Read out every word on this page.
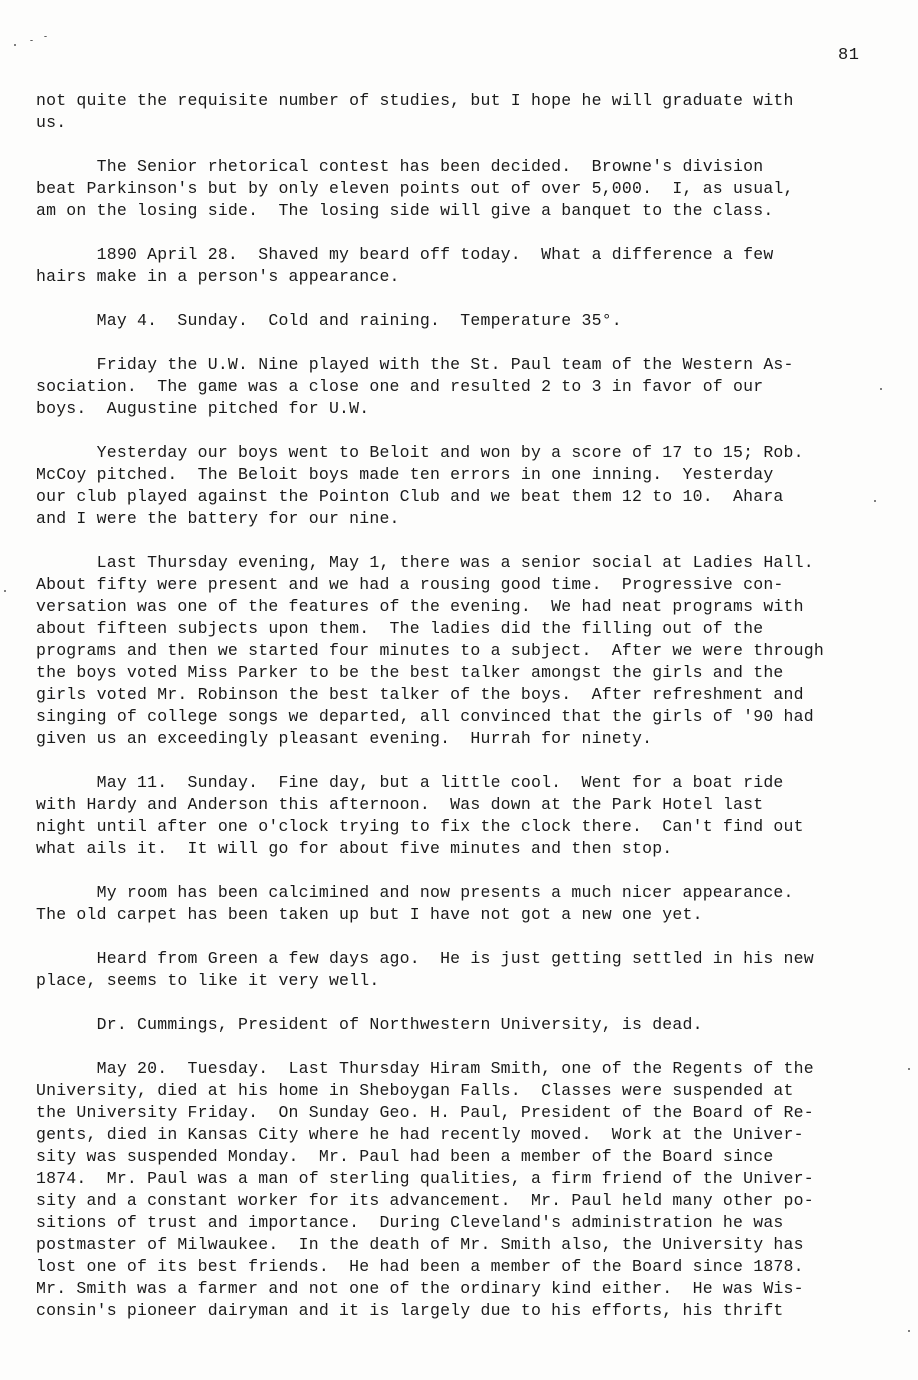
81

not quite the requisite number of studies, but I hope he will graduate with
us.

The Senior rhetorical contest has been decided.  Browne's division
beat Parkinson's but by only eleven points out of over 5,000.  I, as usual,
am on the losing side.  The losing side will give a banquet to the class.

1890 April 28.  Shaved my beard off today.  What a difference a few
hairs make in a person's appearance.

May 4.  Sunday.  Cold and raining.  Temperature 35°.

Friday the U.W. Nine played with the St. Paul team of the Western As-
sociation.  The game was a close one and resulted 2 to 3 in favor of our
boys.  Augustine pitched for U.W.

Yesterday our boys went to Beloit and won by a score of 17 to 15; Rob.
McCoy pitched.  The Beloit boys made ten errors in one inning.  Yesterday
our club played against the Pointon Club and we beat them 12 to 10.  Ahara
and I were the battery for our nine.

Last Thursday evening, May 1, there was a senior social at Ladies Hall.
About fifty were present and we had a rousing good time.  Progressive con-
versation was one of the features of the evening.  We had neat programs with
about fifteen subjects upon them.  The ladies did the filling out of the
programs and then we started four minutes to a subject.  After we were through
the boys voted Miss Parker to be the best talker amongst the girls and the
girls voted Mr. Robinson the best talker of the boys.  After refreshment and
singing of college songs we departed, all convinced that the girls of '90 had
given us an exceedingly pleasant evening.  Hurrah for ninety.

May 11.  Sunday.  Fine day, but a little cool.  Went for a boat ride
with Hardy and Anderson this afternoon.  Was down at the Park Hotel last
night until after one o'clock trying to fix the clock there.  Can't find out
what ails it.  It will go for about five minutes and then stop.

My room has been calcimined and now presents a much nicer appearance.
The old carpet has been taken up but I have not got a new one yet.

Heard from Green a few days ago.  He is just getting settled in his new
place, seems to like it very well.

Dr. Cummings, President of Northwestern University, is dead.

May 20.  Tuesday.  Last Thursday Hiram Smith, one of the Regents of the
University, died at his home in Sheboygan Falls.  Classes were suspended at
the University Friday.  On Sunday Geo. H. Paul, President of the Board of Re-
gents, died in Kansas City where he had recently moved.  Work at the Univer-
sity was suspended Monday.  Mr. Paul had been a member of the Board since
1874.  Mr. Paul was a man of sterling qualities, a firm friend of the Univer-
sity and a constant worker for its advancement.  Mr. Paul held many other po-
sitions of trust and importance.  During Cleveland's administration he was
postmaster of Milwaukee.  In the death of Mr. Smith also, the University has
lost one of its best friends.  He had been a member of the Board since 1878.
Mr. Smith was a farmer and not one of the ordinary kind either.  He was Wis-
consin's pioneer dairyman and it is largely due to his efforts, his thrift
